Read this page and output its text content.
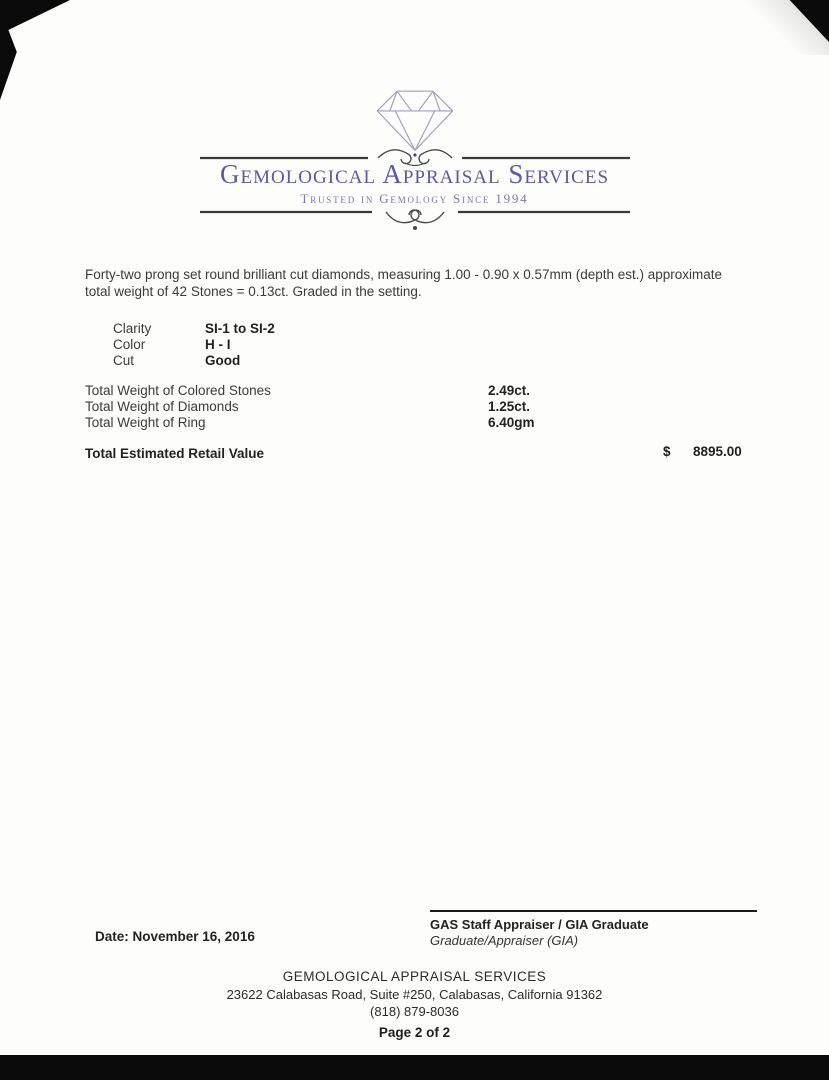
Gemological Appraisal Services
Trusted in Gemology Since 1994
Forty-two prong set round brilliant cut diamonds, measuring 1.00 - 0.90 x 0.57mm (depth est.) approximate
total weight of 42 Stones = 0.13ct. Graded in the setting.
Clarity	SI-1 to SI-2
Color	H - I
Cut	Good
Total Weight of Colored Stones	2.49ct.
Total Weight of Diamonds	1.25ct.
Total Weight of Ring	6.40gm
Total Estimated Retail Value	$ 8895.00
Date: November 16, 2016
GAS Staff Appraiser / GIA Graduate
Graduate/Appraiser (GIA)
GEMOLOGICAL APPRAISAL SERVICES
23622 Calabasas Road, Suite #250, Calabasas, California 91362
(818) 879-8036
Page 2 of 2
